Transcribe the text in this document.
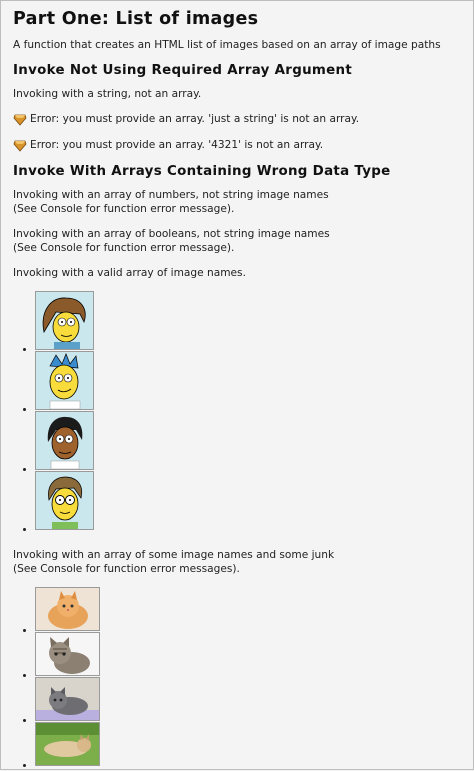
Part One: List of images

A function that creates an HTML list of images based on an array of image paths

Invoke Not Using Required Array Argument

Invoking with a string, not an array.

Error: you must provide an array. 'just a string' is not an array.
Error: you must provide an array. '4321' is not an array.
Invoke With Arrays Containing Wrong Data Type

Invoking with an array of numbers, not string image names
(See Console for function error message).

Invoking with an array of booleans, not string image names
(See Console for function error message).

Invoking with a valid array of image names.

•
•
•
•

Invoking with an array of some image names and some junk
(See Console for function error messages).

•
•
•
•
